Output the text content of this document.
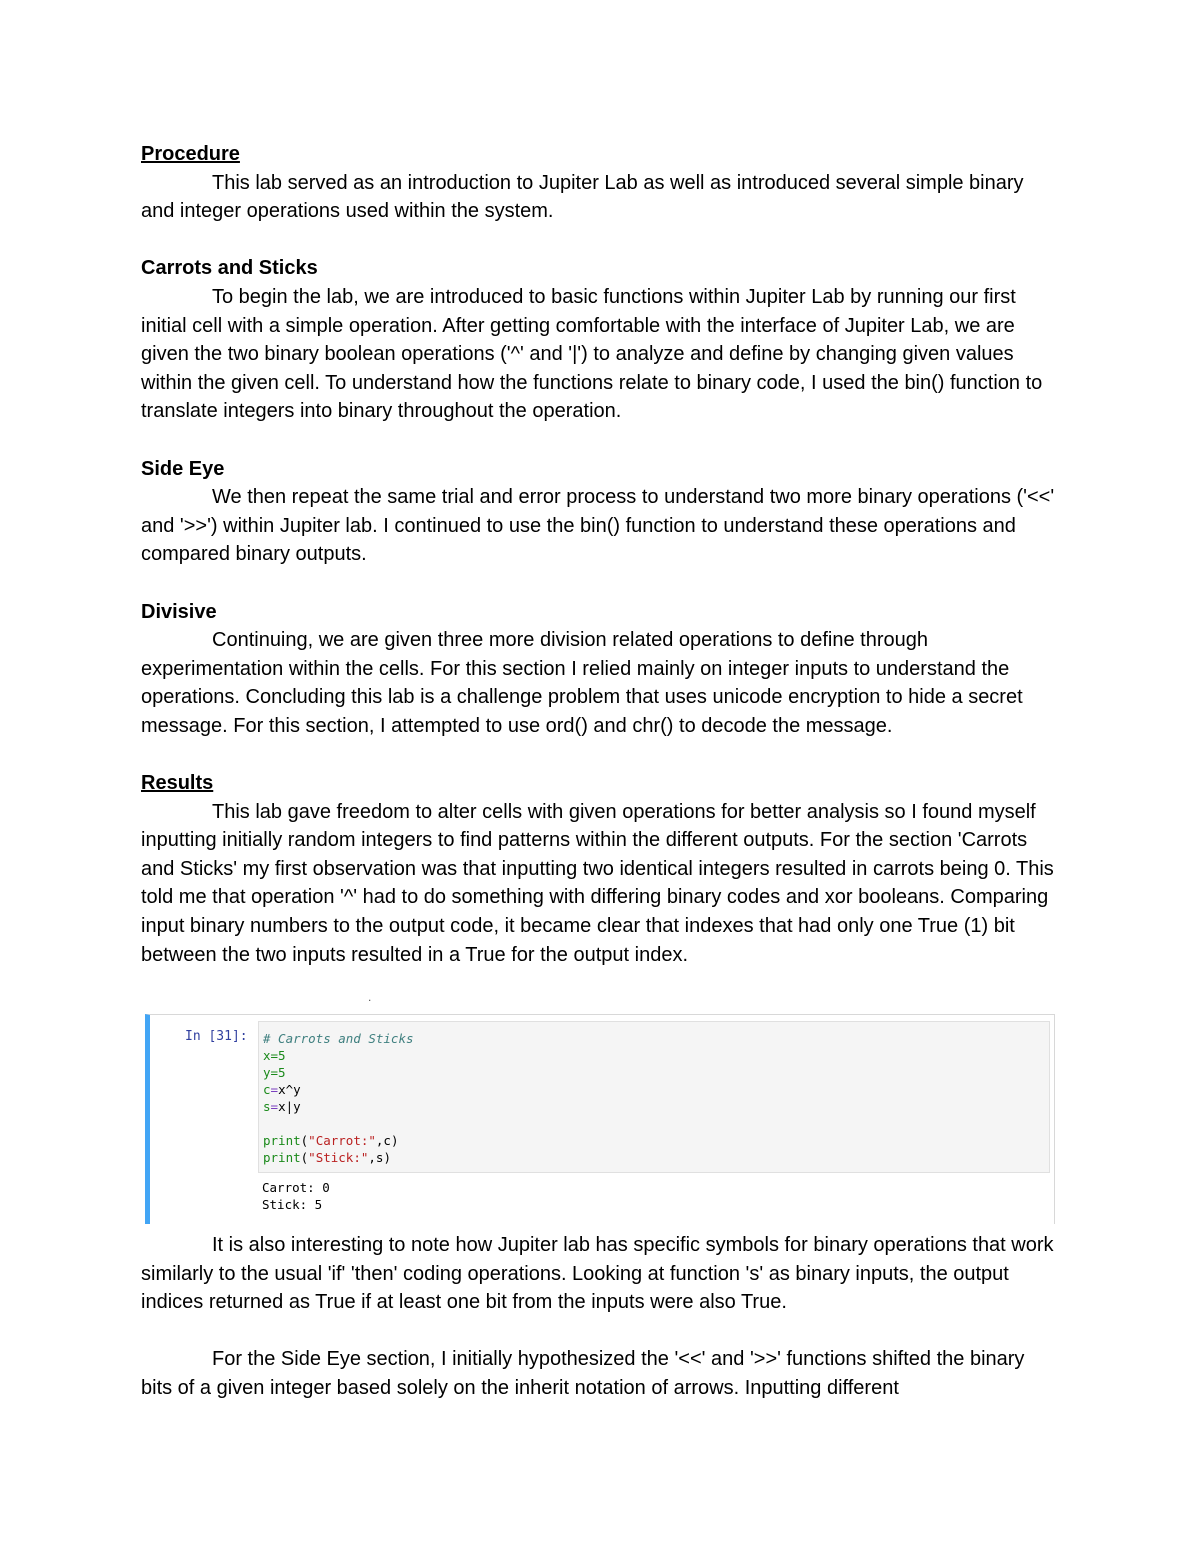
Procedure

This lab served as an introduction to Jupiter Lab as well as introduced several simple binary and integer operations used within the system.

Carrots and Sticks

To begin the lab, we are introduced to basic functions within Jupiter Lab by running our first initial cell with a simple operation. After getting comfortable with the interface of Jupiter Lab, we are given the two binary boolean operations ('^' and '|') to analyze and define by changing given values within the given cell. To understand how the functions relate to binary code, I used the bin() function to translate integers into binary throughout the operation.

Side Eye

We then repeat the same trial and error process to understand two more binary operations ('<<' and '>>') within Jupiter lab. I continued to use the bin() function to understand these operations and compared binary outputs.

Divisive

Continuing, we are given three more division related operations to define through experimentation within the cells. For this section I relied mainly on integer inputs to understand the operations. Concluding this lab is a challenge problem that uses unicode encryption to hide a secret message. For this section, I attempted to use ord() and chr() to decode the message.

Results

This lab gave freedom to alter cells with given operations for better analysis so I found myself inputting initially random integers to find patterns within the different outputs. For the section 'Carrots and Sticks' my first observation was that inputting two identical integers resulted in carrots being 0. This told me that operation '^' had to do something with differing binary codes and xor booleans. Comparing input binary numbers to the output code, it became clear that indexes that had only one True (1) bit between the two inputs resulted in a True for the output index.

.
In [31]:	# Carrots and Sticks
x=5
y=5
c=x^y
s=x|y

print("Carrot:",c)
print("Stick:",s)
Carrot: 0
Stick: 5

It is also interesting to note how Jupiter lab has specific symbols for binary operations that work similarly to the usual 'if' 'then' coding operations. Looking at function 's' as binary inputs, the output indices returned as True if at least one bit from the inputs were also True.

For the Side Eye section, I initially hypothesized the '<<' and '>>' functions shifted the binary bits of a given integer based solely on the inherit notation of arrows. Inputting different
